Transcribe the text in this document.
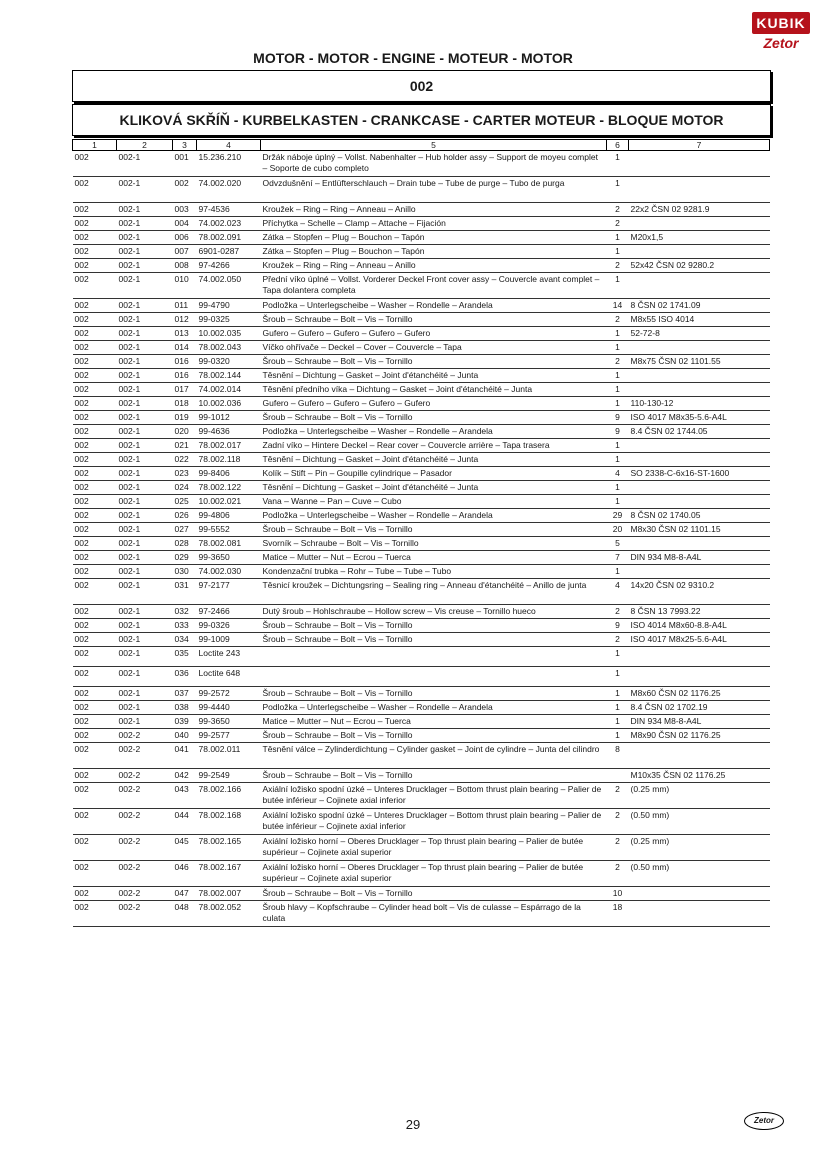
KUBIK
Zetor
MOTOR - MOTOR - ENGINE - MOTEUR - MOTOR
002
KLIKOVÁ SKŘÍŇ - KURBELKASTEN - CRANKCASE - CARTER MOTEUR - BLOQUE MOTOR
1	2	3	4	5	6	7
002	002-1	001	15.236.210	Držák náboje úplný – Vollst. Nabenhalter – Hub holder assy – Support de moyeu complet – Soporte de cubo completo	1	
002	002-1	002	74.002.020	Odvzdušnění – Entlüfterschlauch – Drain tube – Tube de purge – Tubo de purga	1	
002	002-1	003	97-4536	Kroužek – Ring – Ring – Anneau – Anillo	2	22x2 ČSN 02 9281.9
002	002-1	004	74.002.023	Příchytka – Schelle – Clamp – Attache – Fijación	2	
002	002-1	006	78.002.091	Zátka – Stopfen – Plug – Bouchon – Tapón	1	M20x1,5
002	002-1	007	6901-0287	Zátka – Stopfen – Plug – Bouchon – Tapón	1	
002	002-1	008	97-4266	Kroužek – Ring – Ring – Anneau – Anillo	2	52x42 ČSN 02 9280.2
002	002-1	010	74.002.050	Přední víko úplné – Vollst. Vorderer Deckel Front cover assy – Couvercle avant complet – Tapa dolantera completa	1	
002	002-1	011	99-4790	Podložka – Unterlegscheibe – Washer – Rondelle – Arandela	14	8 ČSN 02 1741.09
002	002-1	012	99-0325	Šroub – Schraube – Bolt – Vis – Tornillo	2	M8x55 ISO 4014
002	002-1	013	10.002.035	Gufero – Gufero – Gufero – Gufero – Gufero	1	52-72-8
002	002-1	014	78.002.043	Víčko ohřívače – Deckel – Cover – Couvercle – Tapa	1	
002	002-1	016	99-0320	Šroub – Schraube – Bolt – Vis – Tornillo	2	M8x75 ČSN 02 1101.55
002	002-1	016	78.002.144	Těsnění – Dichtung – Gasket – Joint d'étanchéité – Junta	1	
002	002-1	017	74.002.014	Těsnění předního víka – Dichtung – Gasket – Joint d'étanchéité – Junta	1	
002	002-1	018	10.002.036	Gufero – Gufero – Gufero – Gufero – Gufero	1	110-130-12
002	002-1	019	99-1012	Šroub – Schraube – Bolt – Vis – Tornillo	9	ISO 4017 M8x35-5.6-A4L
002	002-1	020	99-4636	Podložka – Unterlegscheibe – Washer – Rondelle – Arandela	9	8.4 ČSN 02 1744.05
002	002-1	021	78.002.017	Zadní víko – Hintere Deckel – Rear cover – Couvercle arrière – Tapa trasera	1	
002	002-1	022	78.002.118	Těsnění – Dichtung – Gasket – Joint d'étanchéité – Junta	1	
002	002-1	023	99-8406	Kolík – Stift – Pin – Goupille cylindrique – Pasador	4	SO 2338-C-6x16-ST-1600
002	002-1	024	78.002.122	Těsnění – Dichtung – Gasket – Joint d'étanchéité – Junta	1	
002	002-1	025	10.002.021	Vana – Wanne – Pan – Cuve – Cubo	1	
002	002-1	026	99-4806	Podložka – Unterlegscheibe – Washer – Rondelle – Arandela	29	8 ČSN 02 1740.05
002	002-1	027	99-5552	Šroub – Schraube – Bolt – Vis – Tornillo	20	M8x30 ČSN 02 1101.15
002	002-1	028	78.002.081	Svorník – Schraube – Bolt – Vis – Tornillo	5	
002	002-1	029	99-3650	Matice – Mutter – Nut – Ecrou – Tuerca	7	DIN 934 M8-8-A4L
002	002-1	030	74.002.030	Kondenzační trubka – Rohr – Tube – Tube – Tubo	1	
002	002-1	031	97-2177	Těsnicí kroužek – Dichtungsring – Sealing ring – Anneau d'étanchéité – Anillo de junta	4	14x20 ČSN 02 9310.2
002	002-1	032	97-2466	Dutý šroub – Hohlschraube – Hollow screw – Vis creuse – Tornillo hueco	2	8 ČSN 13 7993.22
002	002-1	033	99-0326	Šroub – Schraube – Bolt – Vis – Tornillo	9	ISO 4014 M8x60-8.8-A4L
002	002-1	034	99-1009	Šroub – Schraube – Bolt – Vis – Tornillo	2	ISO 4017 M8x25-5.6-A4L
002	002-1	035	Loctite 243		1	
002	002-1	036	Loctite 648		1	
002	002-1	037	99-2572	Šroub – Schraube – Bolt – Vis – Tornillo	1	M8x60 ČSN 02 1176.25
002	002-1	038	99-4440	Podložka – Unterlegscheibe – Washer – Rondelle – Arandela	1	8.4 ČSN 02 1702.19
002	002-1	039	99-3650	Matice – Mutter – Nut – Ecrou – Tuerca	1	DIN 934 M8-8-A4L
002	002-2	040	99-2577	Šroub – Schraube – Bolt – Vis – Tornillo	1	M8x90 ČSN 02 1176.25
002	002-2	041	78.002.011	Těsnění válce – Zylinderdichtung – Cylinder gasket – Joint de cylindre – Junta del cilindro	8	
002	002-2	042	99-2549	Šroub – Schraube – Bolt – Vis – Tornillo		M10x35 ČSN 02 1176.25
002	002-2	043	78.002.166	Axiální ložisko spodní úzké – Unteres Drucklager – Bottom thrust plain bearing – Palier de butée inférieur – Cojinete axial inferior	2	(0.25 mm)
002	002-2	044	78.002.168	Axiální ložisko spodní úzké – Unteres Drucklager – Bottom thrust plain bearing – Palier de butée inférieur – Cojinete axial inferior	2	(0.50 mm)
002	002-2	045	78.002.165	Axiální ložisko horní – Oberes Drucklager – Top thrust plain bearing – Palier de butée supérieur – Cojinete axial superior	2	(0.25 mm)
002	002-2	046	78.002.167	Axiální ložisko horní – Oberes Drucklager – Top thrust plain bearing – Palier de butée supérieur – Cojinete axial superior	2	(0.50 mm)
002	002-2	047	78.002.007	Šroub – Schraube – Bolt – Vis – Tornillo	10	
002	002-2	048	78.002.052	Šroub hlavy – Kopfschraube – Cylinder head bolt – Vis de culasse – Espárrago de la culata	18	
29	Zetor
